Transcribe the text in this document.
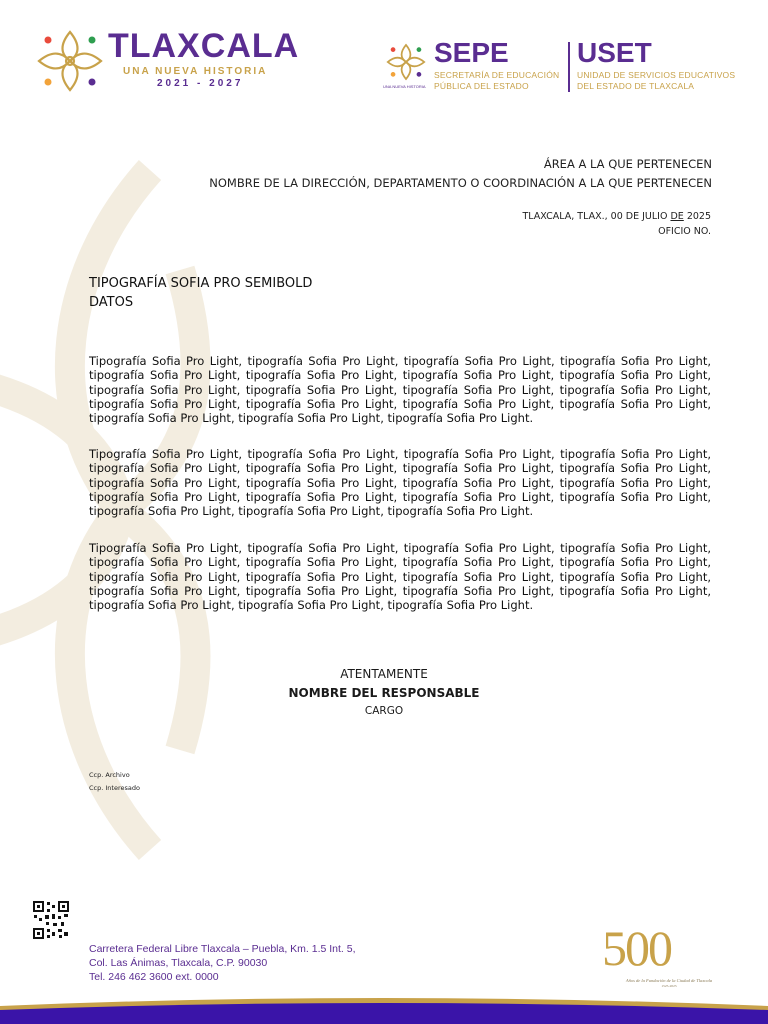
TLAXCALA
UNA NUEVA HISTORIA
2021 - 2027	UNA NUEVA HISTORIA
SEPE
SECRETARÍA DE EDUCACIÓN
PÚBLICA DEL ESTADO
USET
UNIDAD DE SERVICIOS EDUCATIVOS
DEL ESTADO DE TLAXCALA
ÁREA A LA QUE PERTENECEN
NOMBRE DE LA DIRECCIÓN, DEPARTAMENTO O COORDINACIÓN A LA QUE PERTENECEN
TLAXCALA, TLAX., 00 DE JULIO DE 2025
OFICIO NO.
TIPOGRAFÍA SOFIA PRO SEMIBOLD
DATOS
Tipografía Sofia Pro Light, tipografía Sofia Pro Light, tipografía Sofia Pro Light, tipografía Sofia Pro Light, tipografía Sofia Pro Light, tipografía Sofia Pro Light, tipografía Sofia Pro Light, tipografía Sofia Pro Light, tipografía Sofia Pro Light, tipografía Sofia Pro Light, tipografía Sofia Pro Light, tipografía Sofia Pro Light, tipografía Sofia Pro Light, tipografía Sofia Pro Light, tipografía Sofia Pro Light, tipografía Sofia Pro Light, tipografía Sofia Pro Light, tipografía Sofia Pro Light, tipografía Sofia Pro Light.
Tipografía Sofia Pro Light, tipografía Sofia Pro Light, tipografía Sofia Pro Light, tipografía Sofia Pro Light, tipografía Sofia Pro Light, tipografía Sofia Pro Light, tipografía Sofia Pro Light, tipografía Sofia Pro Light, tipografía Sofia Pro Light, tipografía Sofia Pro Light, tipografía Sofia Pro Light, tipografía Sofia Pro Light, tipografía Sofia Pro Light, tipografía Sofia Pro Light, tipografía Sofia Pro Light, tipografía Sofia Pro Light, tipografía Sofia Pro Light, tipografía Sofia Pro Light, tipografía Sofia Pro Light.
Tipografía Sofia Pro Light, tipografía Sofia Pro Light, tipografía Sofia Pro Light, tipografía Sofia Pro Light, tipografía Sofia Pro Light, tipografía Sofia Pro Light, tipografía Sofia Pro Light, tipografía Sofia Pro Light, tipografía Sofia Pro Light, tipografía Sofia Pro Light, tipografía Sofia Pro Light, tipografía Sofia Pro Light, tipografía Sofia Pro Light, tipografía Sofia Pro Light, tipografía Sofia Pro Light, tipografía Sofia Pro Light, tipografía Sofia Pro Light, tipografía Sofia Pro Light, tipografía Sofia Pro Light.
ATENTAMENTE
NOMBRE DEL RESPONSABLE
CARGO
Ccp. Archivo
Ccp. Interesado
Carretera Federal Libre Tlaxcala – Puebla, Km. 1.5 Int. 5,
Col. Las Ánimas, Tlaxcala, C.P. 90030
Tel. 246 462 3600 ext. 0000
500
Años de la Fundación de la Ciudad de Tlaxcala
1525-2025
